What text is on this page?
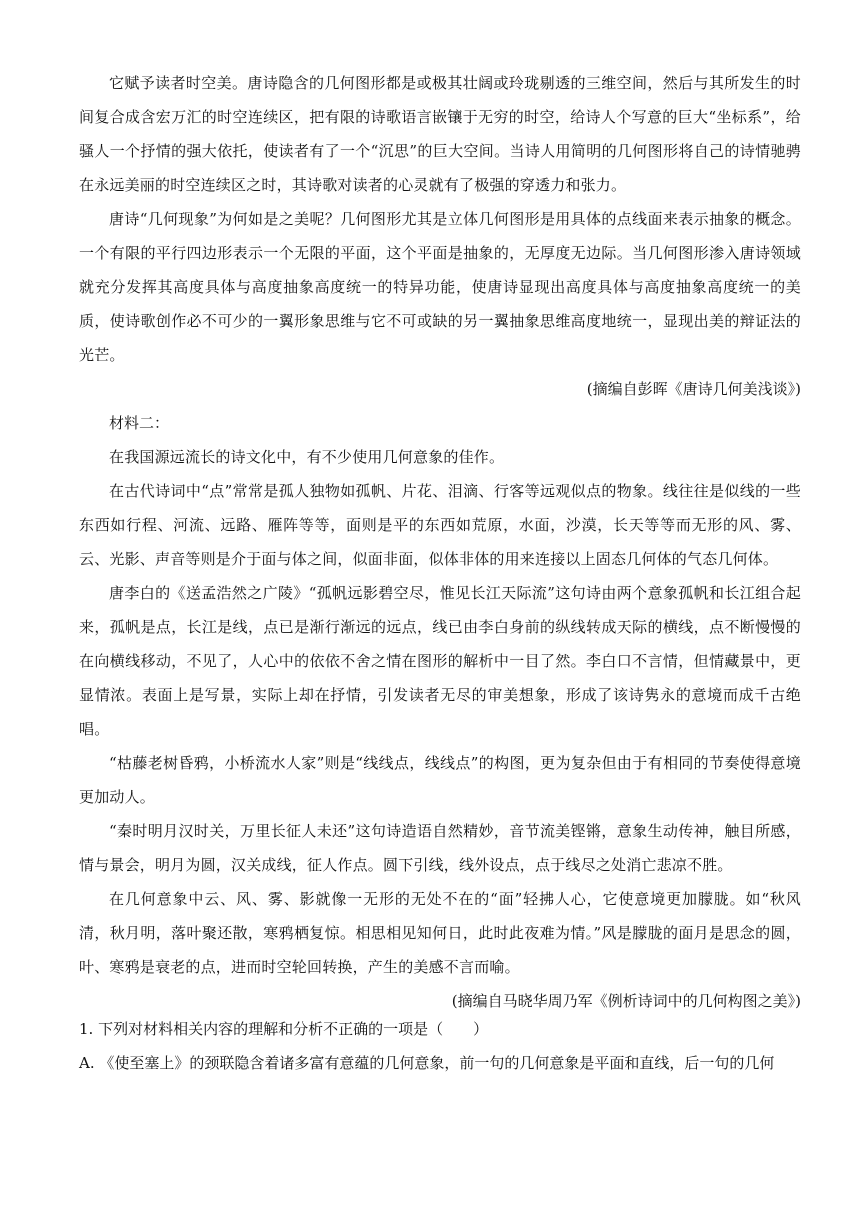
它赋予读者时空美。唐诗隐含的几何图形都是或极其壮阔或玲珑剔透的三维空间，然后与其所发生的时间复合成含宏万汇的时空连续区，把有限的诗歌语言嵌镶于无穷的时空，给诗人个写意的巨大“坐标系”，给骚人一个抒情的强大依托，使读者有了一个“沉思”的巨大空间。当诗人用简明的几何图形将自己的诗情驰骋在永远美丽的时空连续区之时，其诗歌对读者的心灵就有了极强的穿透力和张力。

唐诗“几何现象”为何如是之美呢？几何图形尤其是立体几何图形是用具体的点线面来表示抽象的概念。一个有限的平行四边形表示一个无限的平面，这个平面是抽象的，无厚度无边际。当几何图形渗入唐诗领域就充分发挥其高度具体与高度抽象高度统一的特异功能，使唐诗显现出高度具体与高度抽象高度统一的美质，使诗歌创作必不可少的一翼形象思维与它不可或缺的另一翼抽象思维高度地统一，显现出美的辩证法的光芒。

(摘编自彭晖《唐诗几何美浅谈》)

材料二：

在我国源远流长的诗文化中，有不少使用几何意象的佳作。

在古代诗词中“点”常常是孤人独物如孤帆、片花、泪滴、行客等远观似点的物象。线往往是似线的一些东西如行程、河流、远路、雁阵等等，面则是平的东西如荒原，水面，沙漠，长天等等而无形的风、雾、云、光影、声音等则是介于面与体之间，似面非面，似体非体的用来连接以上固态几何体的气态几何体。

唐李白的《送孟浩然之广陵》“孤帆远影碧空尽，惟见长江天际流”这句诗由两个意象孤帆和长江组合起来，孤帆是点，长江是线，点已是渐行渐远的远点，线已由李白身前的纵线转成天际的横线，点不断慢慢的在向横线移动，不见了，人心中的依依不舍之情在图形的解析中一目了然。李白口不言情，但情藏景中，更显情浓。表面上是写景，实际上却在抒情，引发读者无尽的审美想象，形成了该诗隽永的意境而成千古绝唱。

“枯藤老树昏鸦，小桥流水人家”则是“线线点，线线点”的构图，更为复杂但由于有相同的节奏使得意境更加动人。

“秦时明月汉时关，万里长征人未还”这句诗造语自然精妙，音节流美铿锵，意象生动传神，触目所感，情与景会，明月为圆，汉关成线，征人作点。圆下引线，线外设点，点于线尽之处消亡悲凉不胜。

在几何意象中云、风、雾、影就像一无形的无处不在的“面”轻拂人心，它使意境更加朦胧。如“秋风清，秋月明，落叶聚还散，寒鸦栖复惊。相思相见知何日，此时此夜难为情。”风是朦胧的面月是思念的圆，叶、寒鸦是衰老的点，进而时空轮回转换，产生的美感不言而喻。

(摘编自马晓华周乃军《例析诗词中的几何构图之美》)

1. 下列对材料相关内容的理解和分析不正确的一项是（　　）

A. 《使至塞上》的颈联隐含着诸多富有意蕴的几何意象，前一句的几何意象是平面和直线，后一句的几何
